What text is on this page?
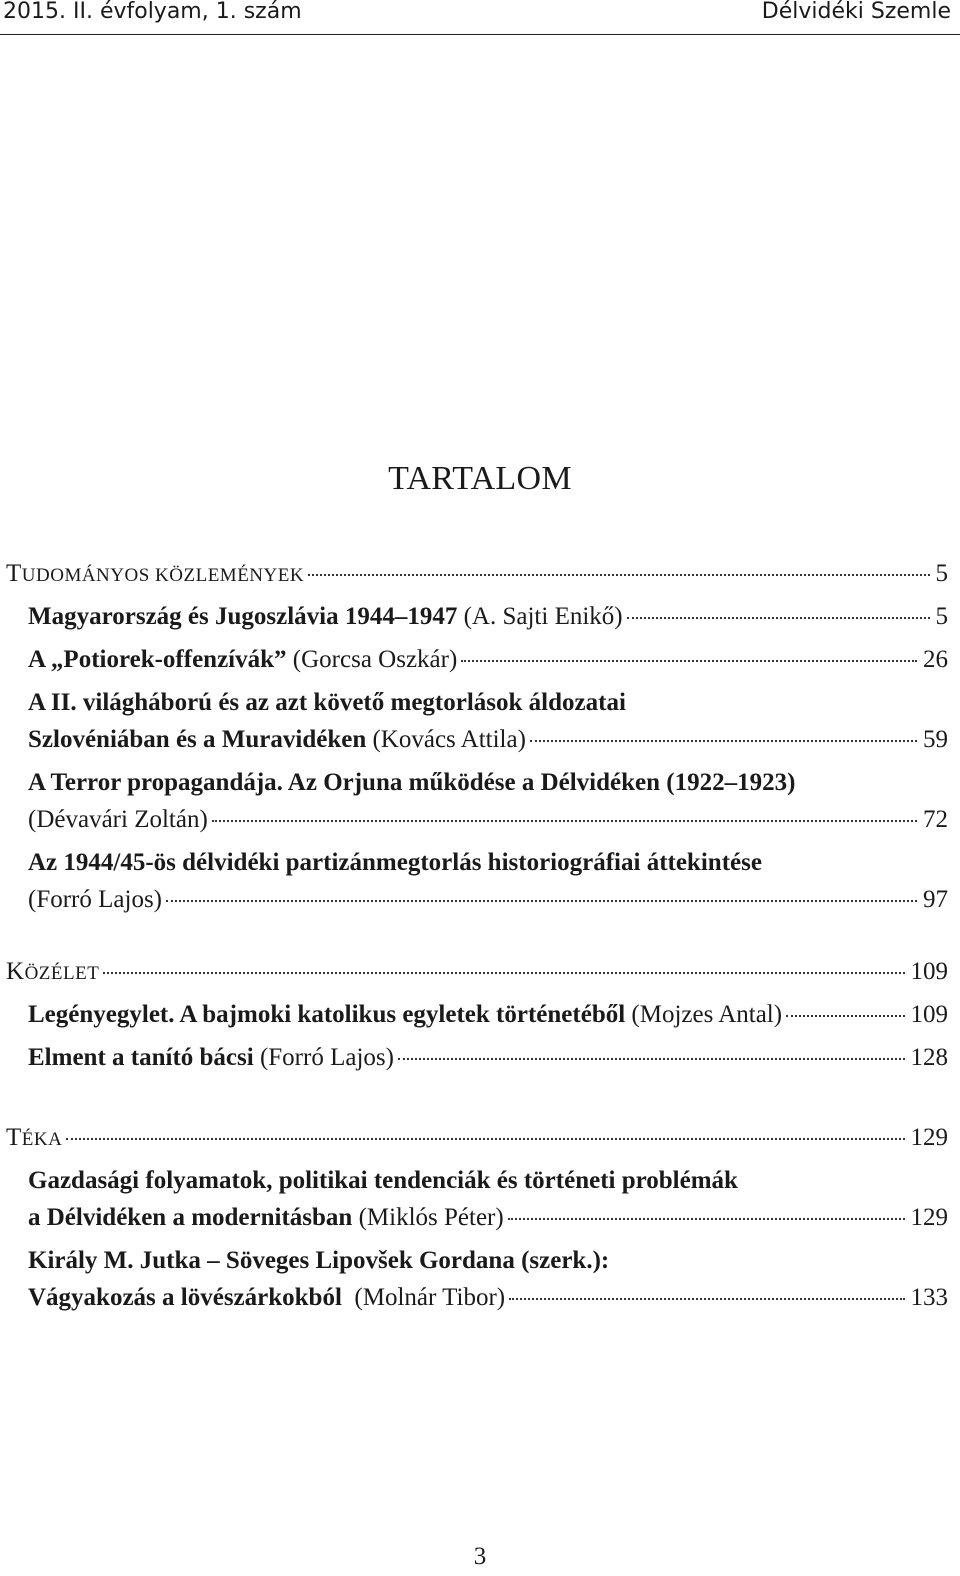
2015. II. évfolyam, 1. szám	Délvidéki Szemle
TARTALOM
TUDOMÁNYOS KÖZLEMÉNYEK	5
Magyarország és Jugoszlávia 1944–1947 (A. Sajti Enikő)	5
A „Potiorek-offenzívák” (Gorcsa Oszkár)	26
A II. világháború és az azt követő megtorlások áldozatai
Szlovéniában és a Muravidéken (Kovács Attila)	59
A Terror propagandája. Az Orjuna működése a Délvidéken (1922–1923)
(Dévavári Zoltán)	72
Az 1944/45-ös délvidéki partizánmegtorlás historiográfiai áttekintése
(Forró Lajos)	97
KÖZÉLET	109
Legényegylet. A bajmoki katolikus egyletek történetéből (Mojzes Antal)	109
Elment a tanító bácsi (Forró Lajos)	128
TÉKA	129
Gazdasági folyamatok, politikai tendenciák és történeti problémák
a Délvidéken a modernitásban (Miklós Péter)	129
Király M. Jutka – Söveges Lipovšek Gordana (szerk.):
Vágyakozás a lövészárkokból  (Molnár Tibor)	133
3
